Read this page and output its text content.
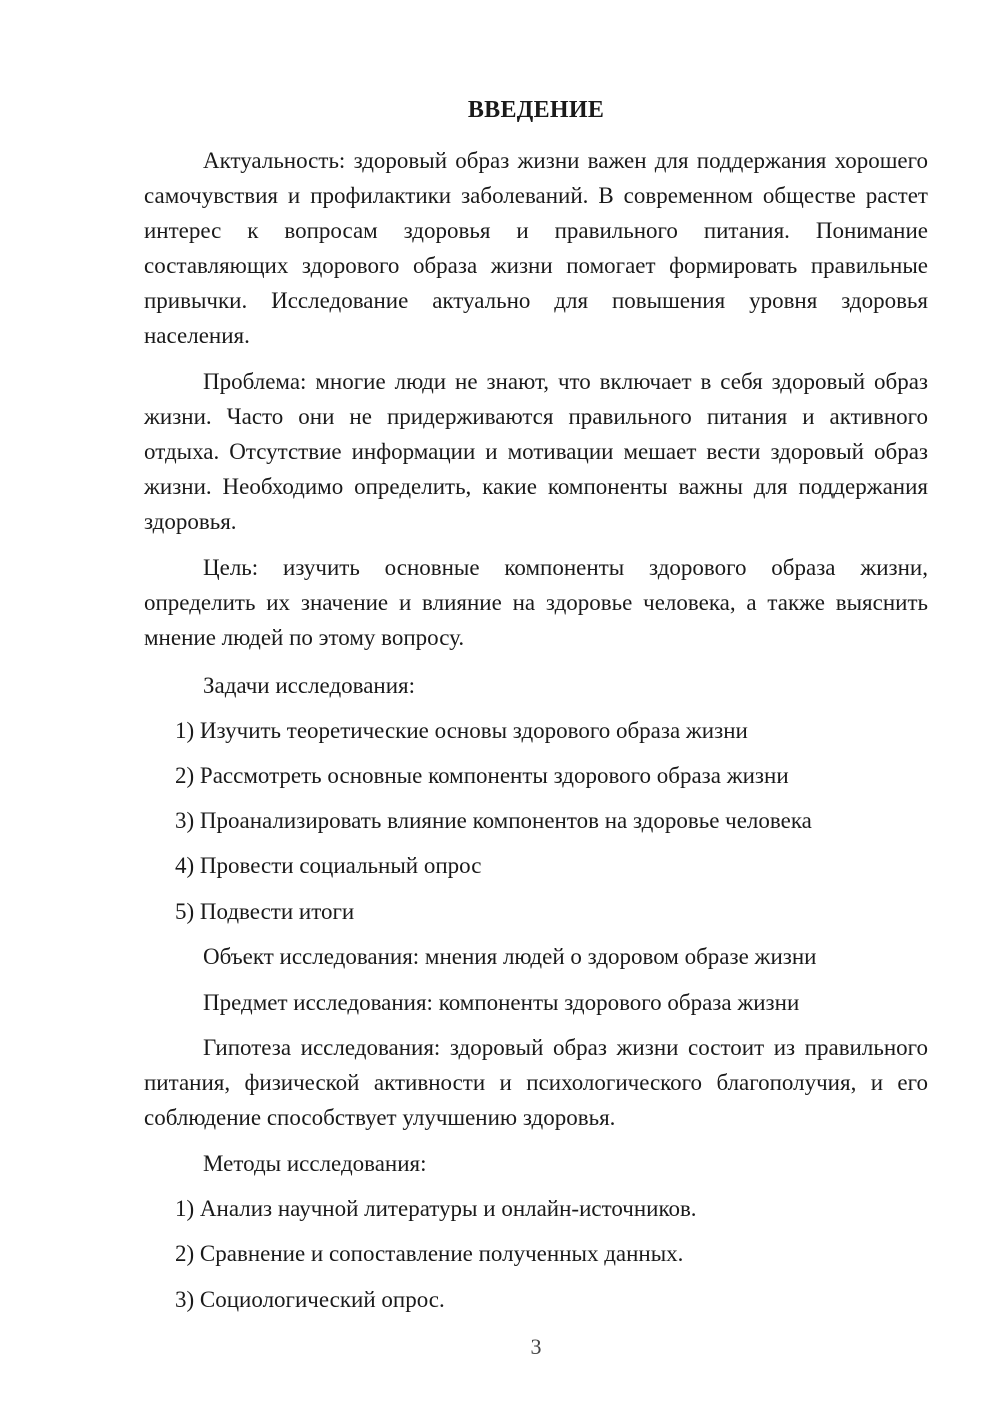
ВВЕДЕНИЕ

Актуальность: здоровый образ жизни важен для поддержания хорошего самочувствия и профилактики заболеваний. В современном обществе растет интерес к вопросам здоровья и правильного питания. Понимание составляющих здорового образа жизни помогает формировать правильные привычки. Исследование актуально для повышения уровня здоровья населения.

Проблема: многие люди не знают, что включает в себя здоровый образ жизни. Часто они не придерживаются правильного питания и активного отдыха. Отсутствие информации и мотивации мешает вести здоровый образ жизни. Необходимо определить, какие компоненты важны для поддержания здоровья.

Цель: изучить основные компоненты здорового образа жизни, определить их значение и влияние на здоровье человека, а также выяснить мнение людей по этому вопросу.

Задачи исследования:

1) Изучить теоретические основы здорового образа жизни

2) Рассмотреть основные компоненты здорового образа жизни

3) Проанализировать влияние компонентов на здоровье человека

4) Провести социальный опрос

5) Подвести итоги

Объект исследования: мнения людей о здоровом образе жизни

Предмет исследования: компоненты здорового образа жизни

Гипотеза исследования: здоровый образ жизни состоит из правильного питания, физической активности и психологического благополучия, и его соблюдение способствует улучшению здоровья.

Методы исследования:

1) Анализ научной литературы и онлайн-источников.

2) Сравнение и сопоставление полученных данных.

3) Социологический опрос.

3
